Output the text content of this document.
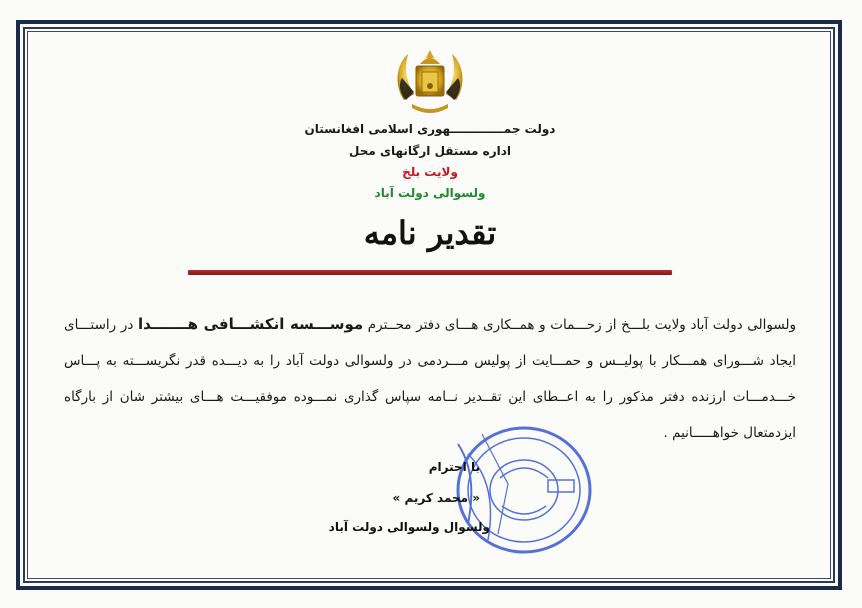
دولت جمـــــــــــــهوری اسلامی افغانستان
اداره مستقل ارگانهای محل
ولایت بلخ
ولسوالی دولت آباد
تقدیر نامه
ولسوالی دولت آباد ولایت بلـــخ از زحـــمات و همــکاری هـــای دفتر محــترم موســـسه انکشـــافی هـــــــدا در راستـــای ایجاد شـــورای همـــکار با پولیــس و حمـــایت از پولیس مـــردمی در ولسوالی دولت آباد را به دیـــده قدر نگریســـته به پـــاس خـــدمـــات ارزنده دفتر مذکور را به اعــطای این تقــدیر نــامه سپاس گذاری نمـــوده موفقیـــت هـــای بیشتر شان از بارگاه ایزدمتعال خواهـــــانیم .
با احترام
« محمد کریم »
ولسوال ولسوالی دولت آباد
